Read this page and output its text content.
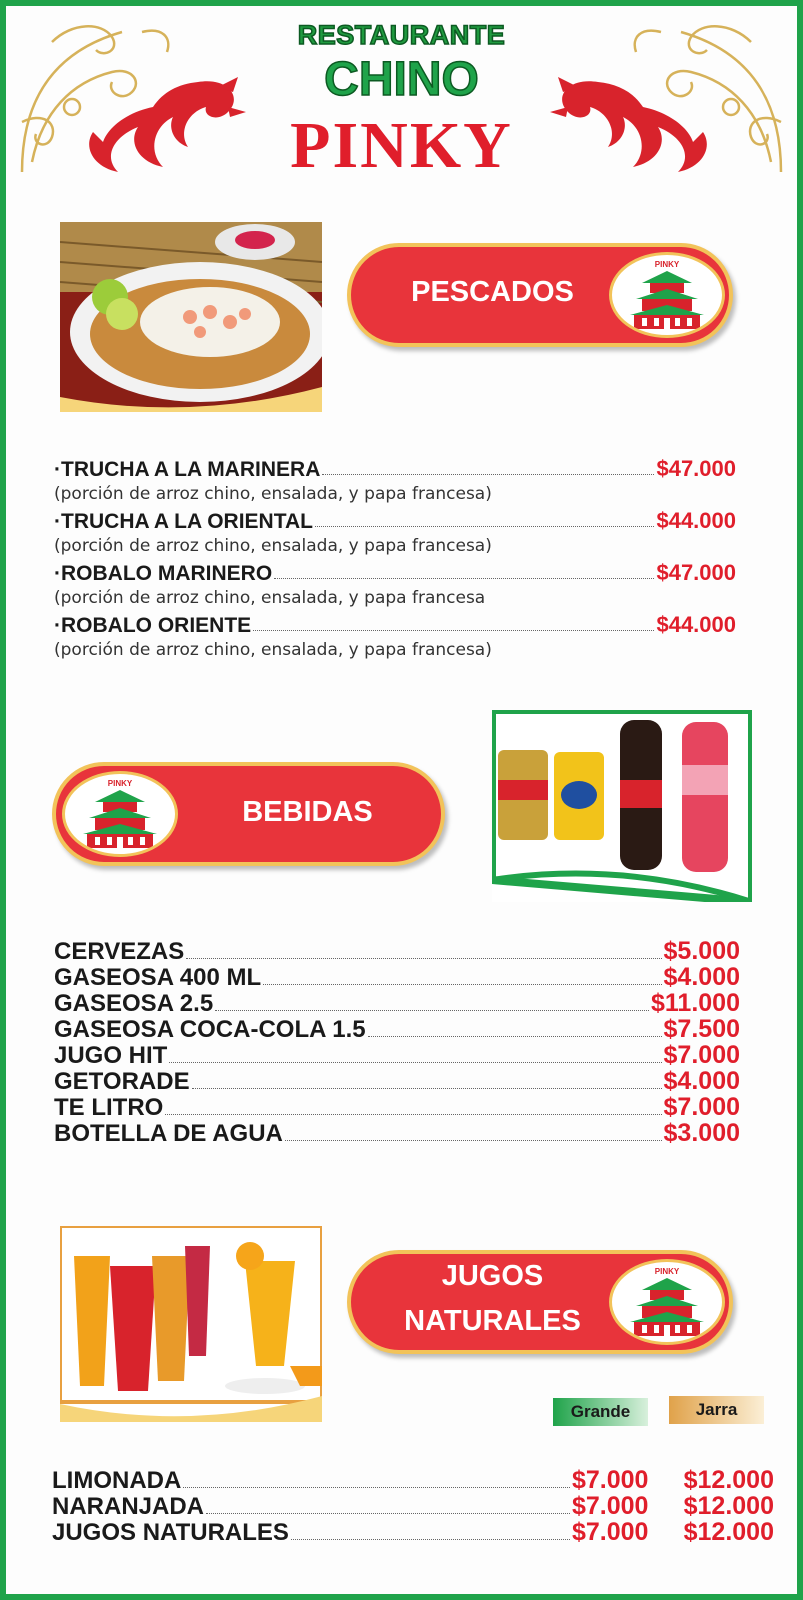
RESTAURANTE
CHINO
PINKY
PESCADOS
PINKY
·TRUCHA A LA MARINERA	$47.000
(porción de arroz chino, ensalada, y papa francesa)
·TRUCHA A LA ORIENTAL	$44.000
(porción de arroz chino, ensalada, y papa francesa)
·ROBALO MARINERO	$47.000
(porción de arroz chino, ensalada, y papa francesa
·ROBALO ORIENTE	$44.000
(porción de arroz chino, ensalada, y papa francesa)
PINKY
BEBIDAS
CERVEZAS	$5.000
GASEOSA 400 ML	$4.000
GASEOSA 2.5	$11.000
GASEOSA COCA-COLA 1.5	$7.500
JUGO HIT	$7.000
GETORADE	$4.000
TE LITRO	$7.000
BOTELLA DE AGUA	$3.000
JUGOS
NATURALES
PINKY
Grande	Jarra
LIMONADA	$7.000	$12.000
NARANJADA	$7.000	$12.000
JUGOS NATURALES	$7.000	$12.000
